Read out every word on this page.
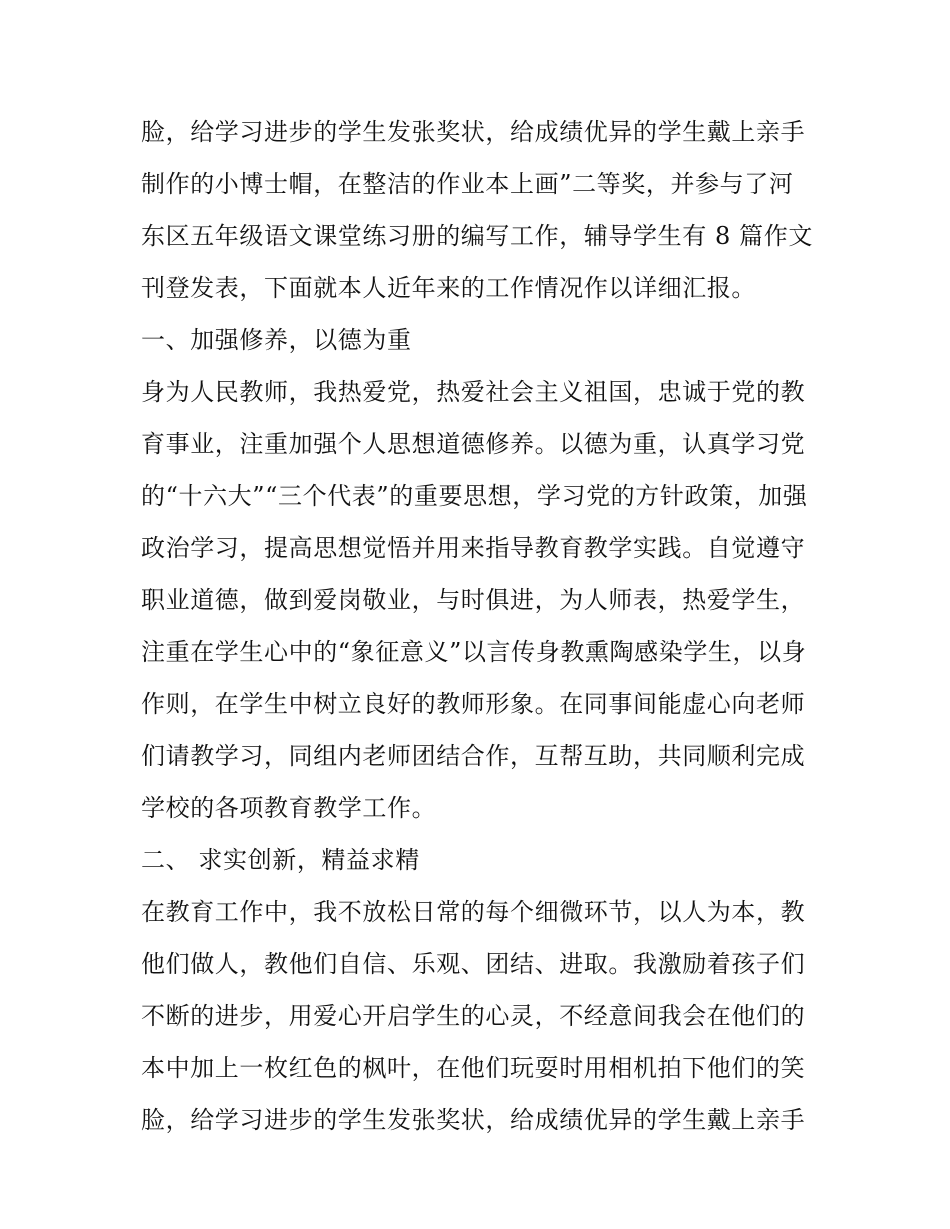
脸，给学习进步的学生发张奖状，给成绩优异的学生戴上亲手
制作的小博士帽，在整洁的作业本上画”二等奖，并参与了河
东区五年级语文课堂练习册的编写工作，辅导学生有 8 篇作文
刊登发表，下面就本人近年来的工作情况作以详细汇报。
一、加强修养，以德为重
身为人民教师，我热爱党，热爱社会主义祖国，忠诚于党的教
育事业，注重加强个人思想道德修养。以德为重，认真学习党
的“十六大”“三个代表”的重要思想，学习党的方针政策，加强
政治学习，提高思想觉悟并用来指导教育教学实践。自觉遵守
职业道德，做到爱岗敬业，与时俱进，为人师表，热爱学生，
注重在学生心中的“象征意义”以言传身教熏陶感染学生，以身
作则，在学生中树立良好的教师形象。在同事间能虚心向老师
们请教学习，同组内老师团结合作，互帮互助，共同顺利完成
学校的各项教育教学工作。
二、 求实创新，精益求精
在教育工作中，我不放松日常的每个细微环节，以人为本，教
他们做人，教他们自信、乐观、团结、进取。我激励着孩子们
不断的进步，用爱心开启学生的心灵，不经意间我会在他们的
本中加上一枚红色的枫叶，在他们玩耍时用相机拍下他们的笑
脸，给学习进步的学生发张奖状，给成绩优异的学生戴上亲手
